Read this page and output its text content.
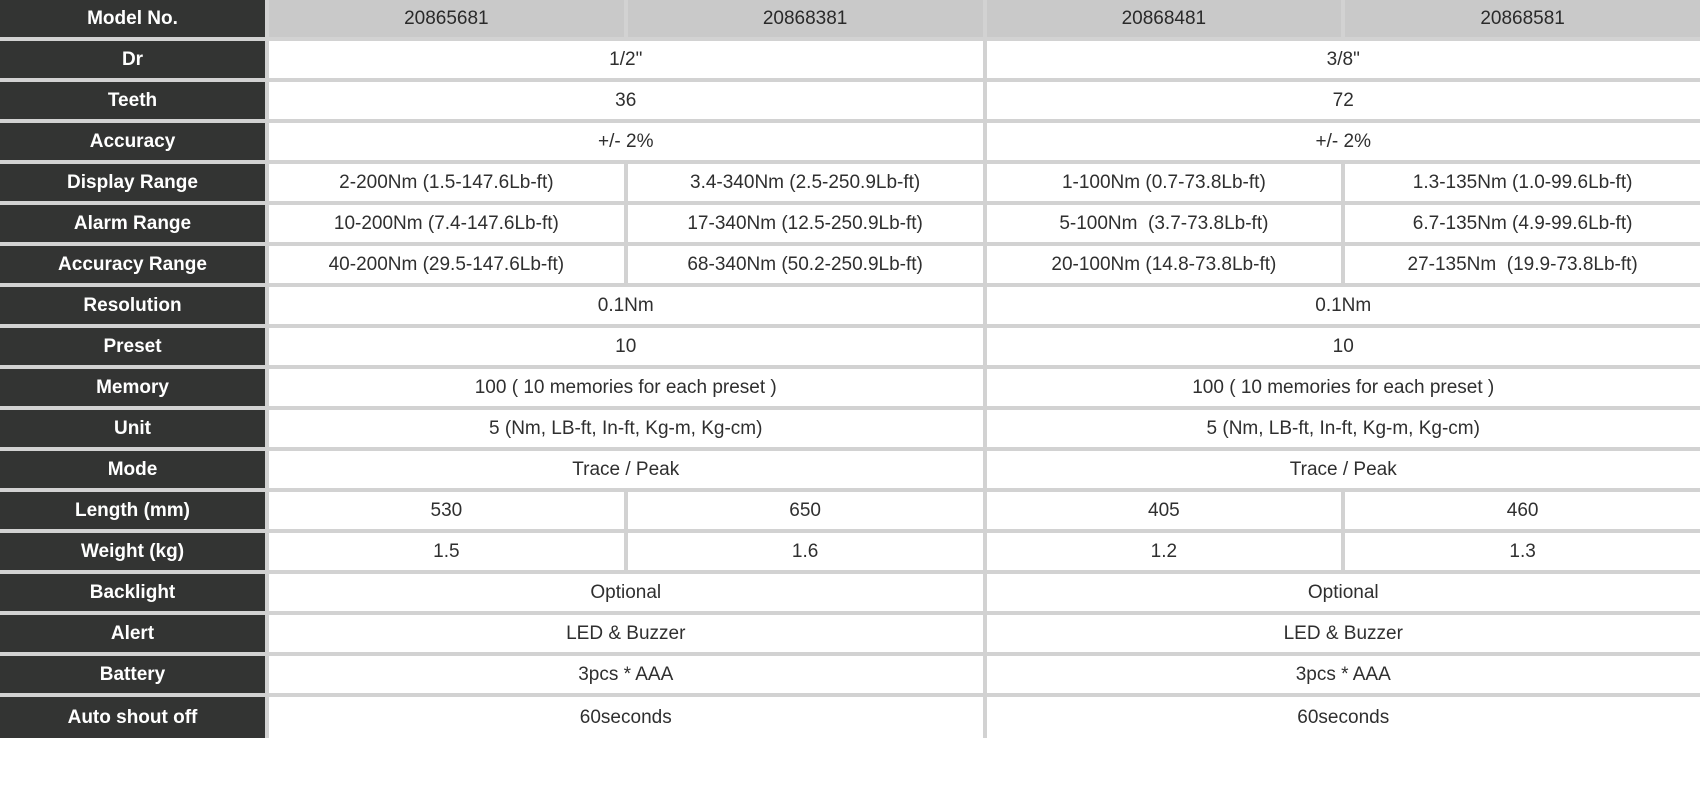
Model No.	20865681	20868381	20868481	20868581
Dr	1/2"		3/8"	
Teeth	36		72	
Accuracy	+/- 2%		+/- 2%	
Display Range	2-200Nm (1.5-147.6Lb-ft)	3.4-340Nm (2.5-250.9Lb-ft)	1-100Nm (0.7-73.8Lb-ft)	1.3-135Nm (1.0-99.6Lb-ft)
Alarm Range	10-200Nm (7.4-147.6Lb-ft)	17-340Nm (12.5-250.9Lb-ft)	5-100Nm  (3.7-73.8Lb-ft)	6.7-135Nm (4.9-99.6Lb-ft)
Accuracy Range	40-200Nm (29.5-147.6Lb-ft)	68-340Nm (50.2-250.9Lb-ft)	20-100Nm (14.8-73.8Lb-ft)	27-135Nm  (19.9-73.8Lb-ft)
Resolution	0.1Nm		0.1Nm	
Preset	10		10	
Memory	100 ( 10 memories for each preset )		100 ( 10 memories for each preset )	
Unit	5 (Nm, LB-ft, In-ft, Kg-m, Kg-cm)		5 (Nm, LB-ft, In-ft, Kg-m, Kg-cm)	
Mode	Trace / Peak		Trace / Peak	
Length (mm)	530	650	405	460
Weight (kg)	1.5	1.6	1.2	1.3
Backlight	Optional		Optional	
Alert	LED & Buzzer		LED & Buzzer	
Battery	3pcs * AAA		3pcs * AAA	
Auto shout off	60seconds		60seconds	
